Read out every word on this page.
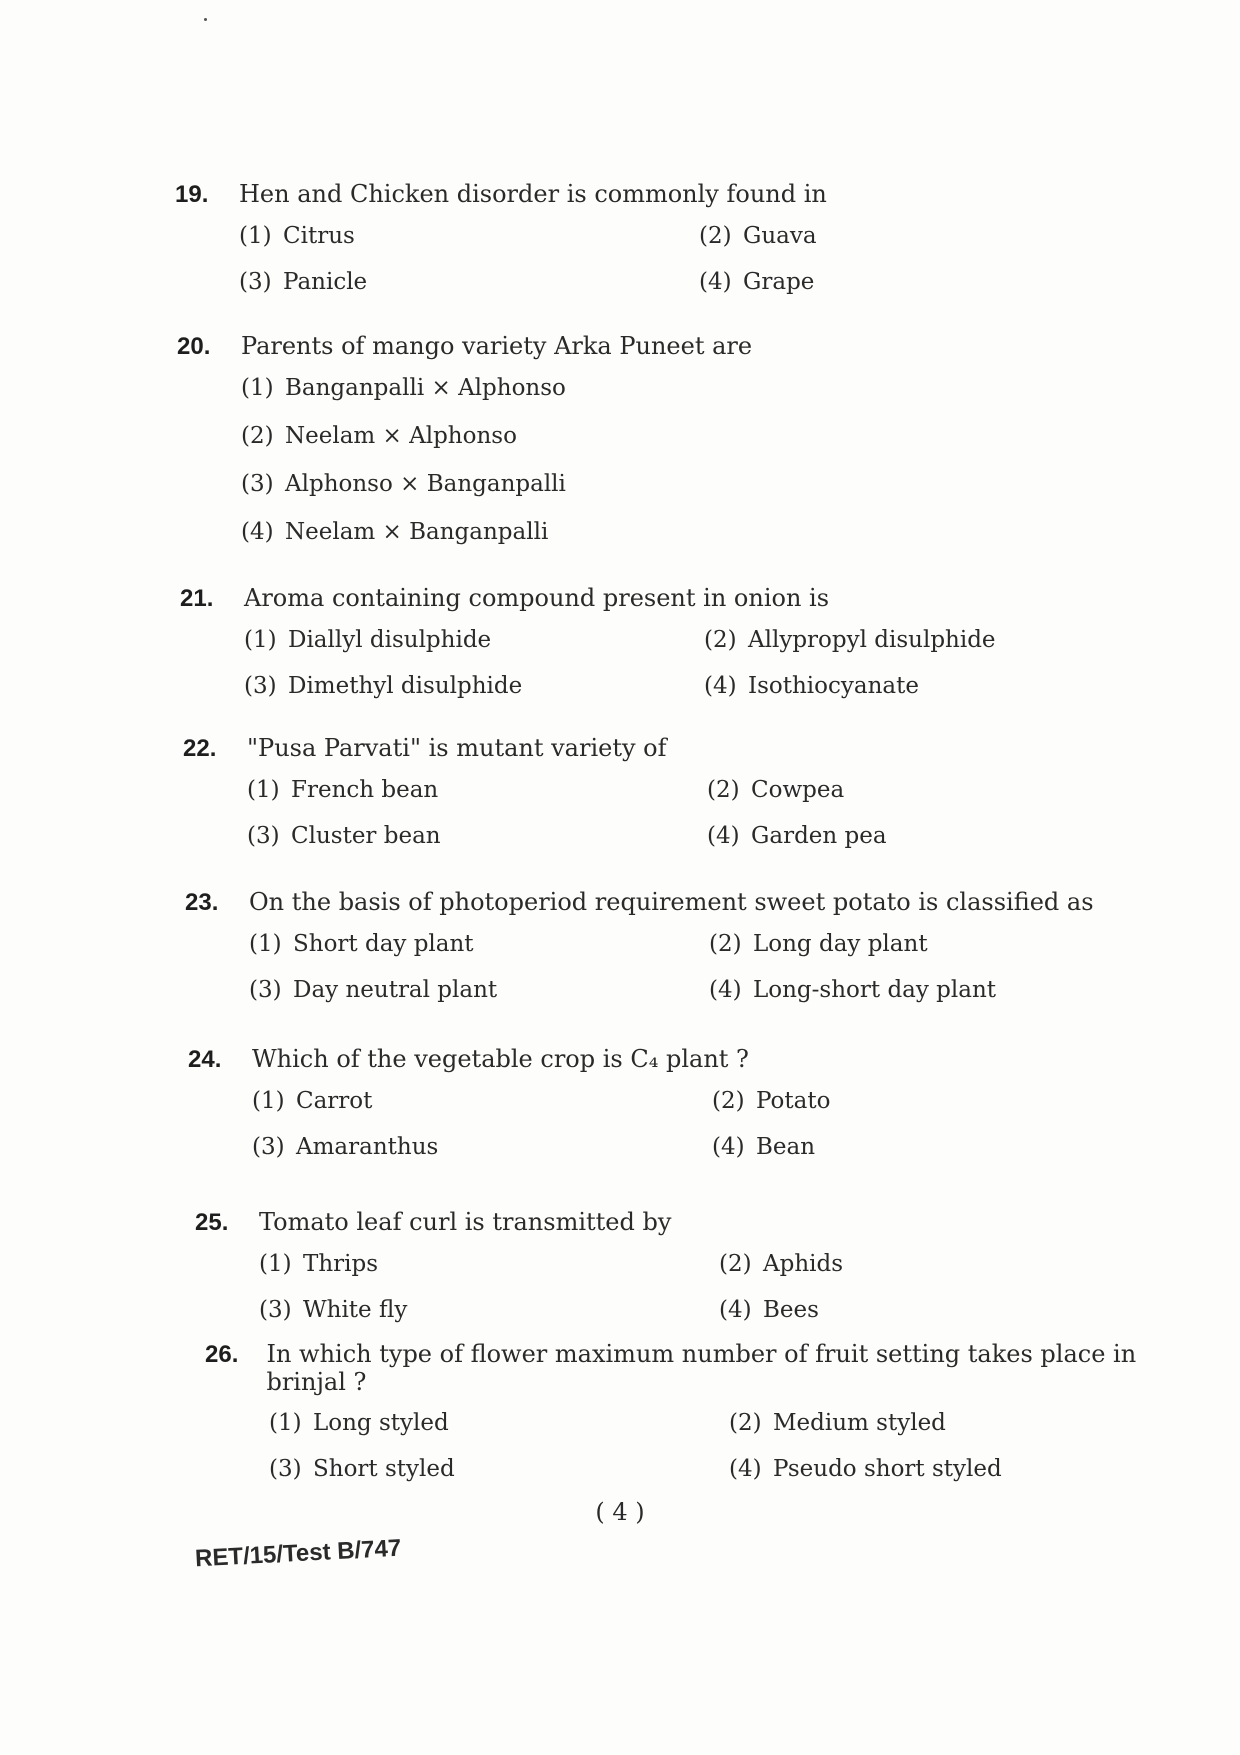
19.	Hen and Chicken disorder is commonly found in
(1) Citrus	(2) Guava
(3) Panicle	(4) Grape
20.	Parents of mango variety Arka Puneet are
(1) Banganpalli × Alphonso
(2) Neelam × Alphonso
(3) Alphonso × Banganpalli
(4) Neelam × Banganpalli
21.	Aroma containing compound present in onion is
(1) Diallyl disulphide	(2) Allypropyl disulphide
(3) Dimethyl disulphide	(4) Isothiocyanate
22.	"Pusa Parvati" is mutant variety of
(1) French bean	(2) Cowpea
(3) Cluster bean	(4) Garden pea
23.	On the basis of photoperiod requirement sweet potato is classified as
(1) Short day plant	(2) Long day plant
(3) Day neutral plant	(4) Long-short day plant
24.	Which of the vegetable crop is C₄ plant ?
(1) Carrot	(2) Potato
(3) Amaranthus	(4) Bean
25.	Tomato leaf curl is transmitted by
(1) Thrips	(2) Aphids
(3) White fly	(4) Bees
26.	In which type of flower maximum number of fruit setting takes place in brinjal ?
(1) Long styled	(2) Medium styled
(3) Short styled	(4) Pseudo short styled
( 4 )
RET/15/Test B/747
